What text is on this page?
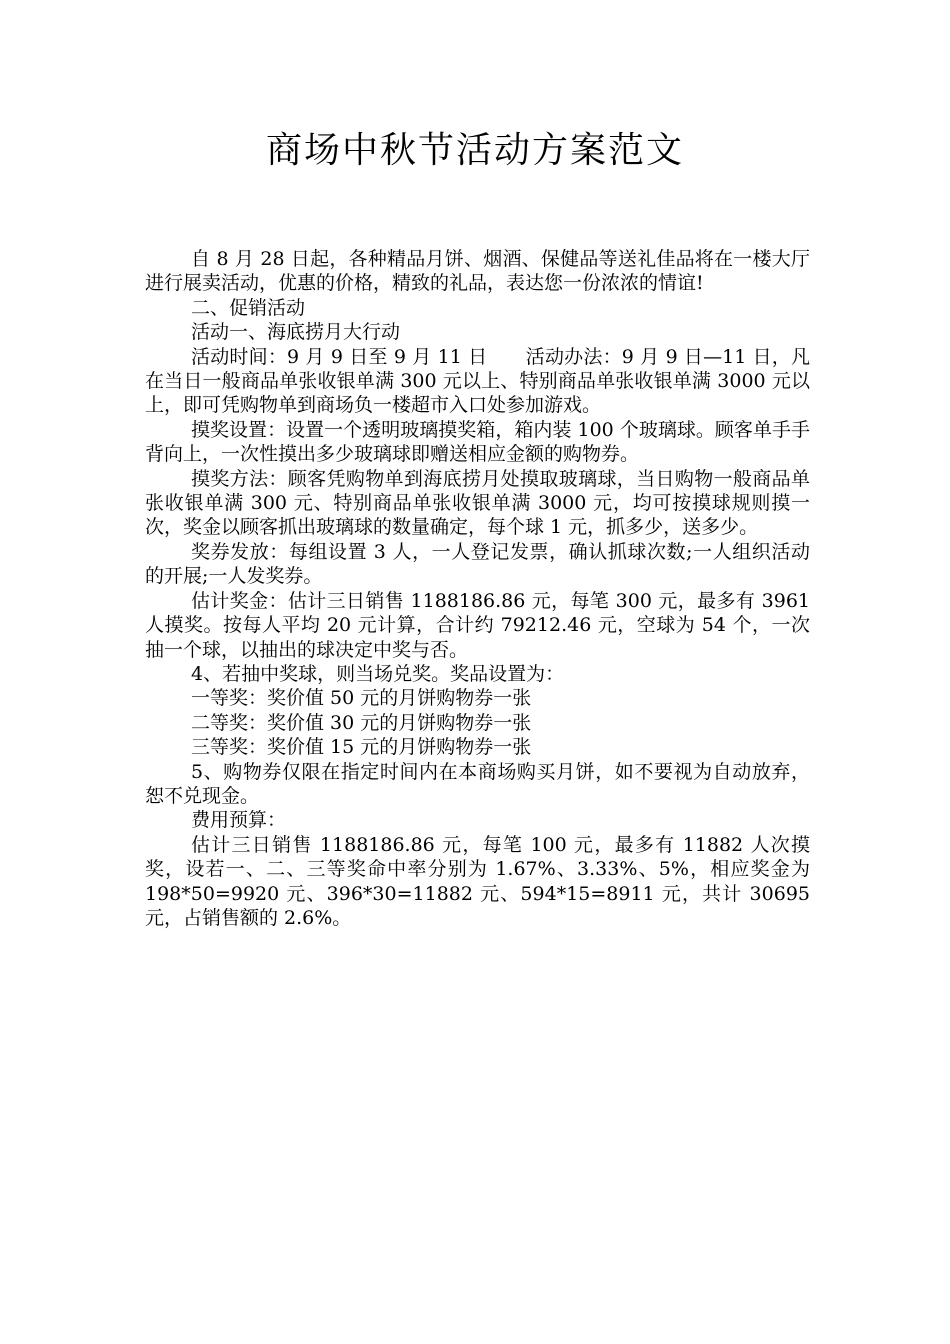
商场中秋节活动方案范文

自 8 月 28 日起，各种精品月饼、烟酒、保健品等送礼佳品将在一楼大厅进行展卖活动，优惠的价格，精致的礼品，表达您一份浓浓的情谊!

二、促销活动

活动一、海底捞月大行动

活动时间：9 月 9 日至 9 月 11 日　　活动办法：9 月 9 日—11 日，凡在当日一般商品单张收银单满 300 元以上、特别商品单张收银单满 3000 元以上，即可凭购物单到商场负一楼超市入口处参加游戏。

摸奖设置：设置一个透明玻璃摸奖箱，箱内装 100 个玻璃球。顾客单手手背向上，一次性摸出多少玻璃球即赠送相应金额的购物券。

摸奖方法：顾客凭购物单到海底捞月处摸取玻璃球，当日购物一般商品单张收银单满 300 元、特别商品单张收银单满 3000 元，均可按摸球规则摸一次，奖金以顾客抓出玻璃球的数量确定，每个球 1 元，抓多少，送多少。

奖券发放：每组设置 3 人，一人登记发票，确认抓球次数;一人组织活动的开展;一人发奖券。

估计奖金：估计三日销售 1188186.86 元，每笔 300 元，最多有 3961 人摸奖。按每人平均 20 元计算，合计约 79212.46 元，空球为 54 个，一次抽一个球，以抽出的球决定中奖与否。

4、若抽中奖球，则当场兑奖。奖品设置为：

一等奖：奖价值 50 元的月饼购物券一张

二等奖：奖价值 30 元的月饼购物券一张

三等奖：奖价值 15 元的月饼购物券一张

5、购物券仅限在指定时间内在本商场购买月饼，如不要视为自动放弃，恕不兑现金。

费用预算：

估计三日销售 1188186.86 元，每笔 100 元，最多有 11882 人次摸奖，设若一、二、三等奖命中率分别为 1.67%、3.33%、5%，相应奖金为 198*50=9920 元、396*30=11882 元、594*15=8911 元，共计 30695 元，占销售额的 2.6%。
